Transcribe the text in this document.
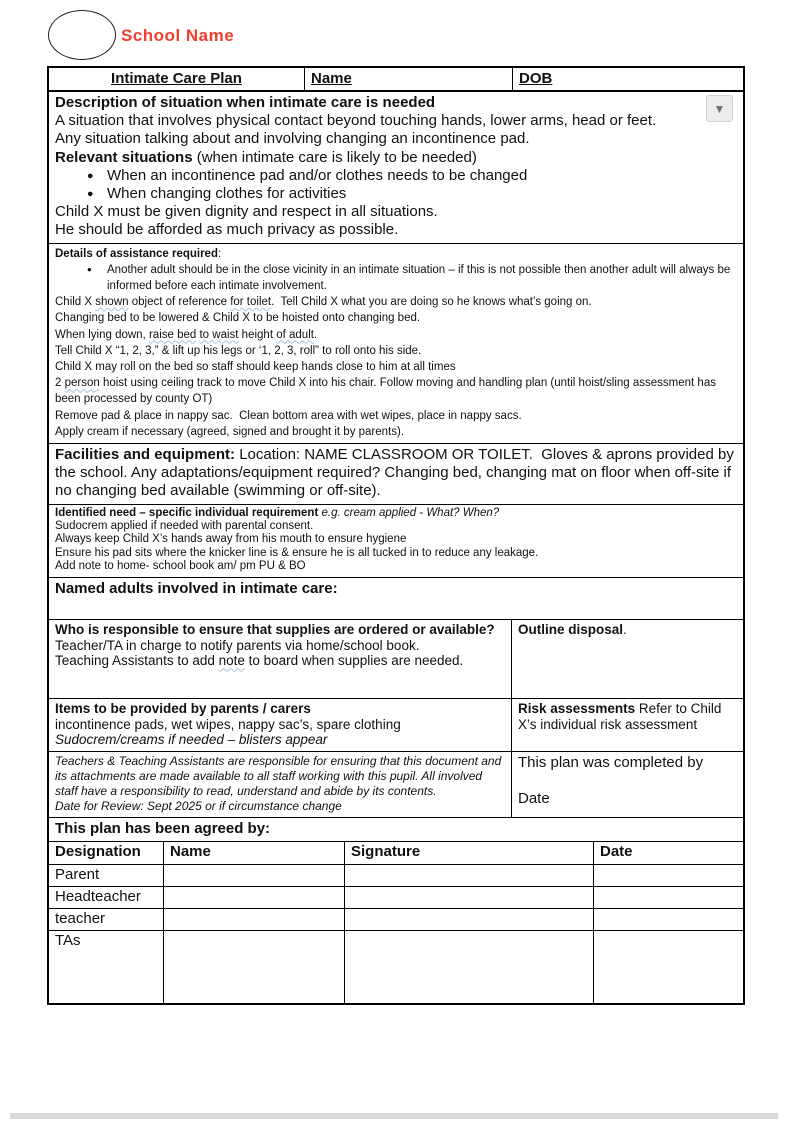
School Name
Intimate Care Plan	Name	DOB
▼
Description of situation when intimate care is needed
A situation that involves physical contact beyond touching hands, lower arms, head or feet.
Any situation talking about and involving changing an incontinence pad.
Relevant situations (when intimate care is likely to be needed)
● When an incontinence pad and/or clothes needs to be changed
● When changing clothes for activities
Child X must be given dignity and respect in all situations.
He should be afforded as much privacy as possible.
Details of assistance required:
● Another adult should be in the close vicinity in an intimate situation – if this is not possible then another adult will always be informed before each intimate involvement.
Child X shown object of reference for toilet.  Tell Child X what you are doing so he knows what’s going on.
Changing bed to be lowered & Child X to be hoisted onto changing bed.
When lying down, raise bed to waist height of adult.
Tell Child X “1, 2, 3,” & lift up his legs or ‘1, 2, 3, roll” to roll onto his side.
Child X may roll on the bed so staff should keep hands close to him at all times
2 person hoist using ceiling track to move Child X into his chair. Follow moving and handling plan (until hoist/sling assessment has been processed by county OT)
Remove pad & place in nappy sac.  Clean bottom area with wet wipes, place in nappy sacs.
Apply cream if necessary (agreed, signed and brought it by parents).
Facilities and equipment: Location: NAME CLASSROOM OR TOILET.  Gloves & aprons provided by the school. Any adaptations/equipment required? Changing bed, changing mat on floor when off-site if no changing bed available (swimming or off-site).
Identified need – specific individual requirement e.g. cream applied - What? When?
Sudocrem applied if needed with parental consent.
Always keep Child X’s hands away from his mouth to ensure hygiene
Ensure his pad sits where the knicker line is & ensure he is all tucked in to reduce any leakage.
Add note to home- school book am/ pm PU & BO
Named adults involved in intimate care:
Who is responsible to ensure that supplies are ordered or available?
Teacher/TA in charge to notify parents via home/school book.
Teaching Assistants to add note to board when supplies are needed.
Outline disposal.
Items to be provided by parents / carers
incontinence pads, wet wipes, nappy sac’s, spare clothing
Sudocrem/creams if needed – blisters appear
Risk assessments Refer to Child X’s individual risk assessment
Teachers & Teaching Assistants are responsible for ensuring that this document and its attachments are made available to all staff working with this pupil. All involved staff have a responsibility to read, understand and abide by its contents.
Date for Review: Sept 2025 or if circumstance change
This plan was completed by
Date
This plan has been agreed by:
Designation	Name	Signature	Date
Parent
Headteacher
teacher
TAs
